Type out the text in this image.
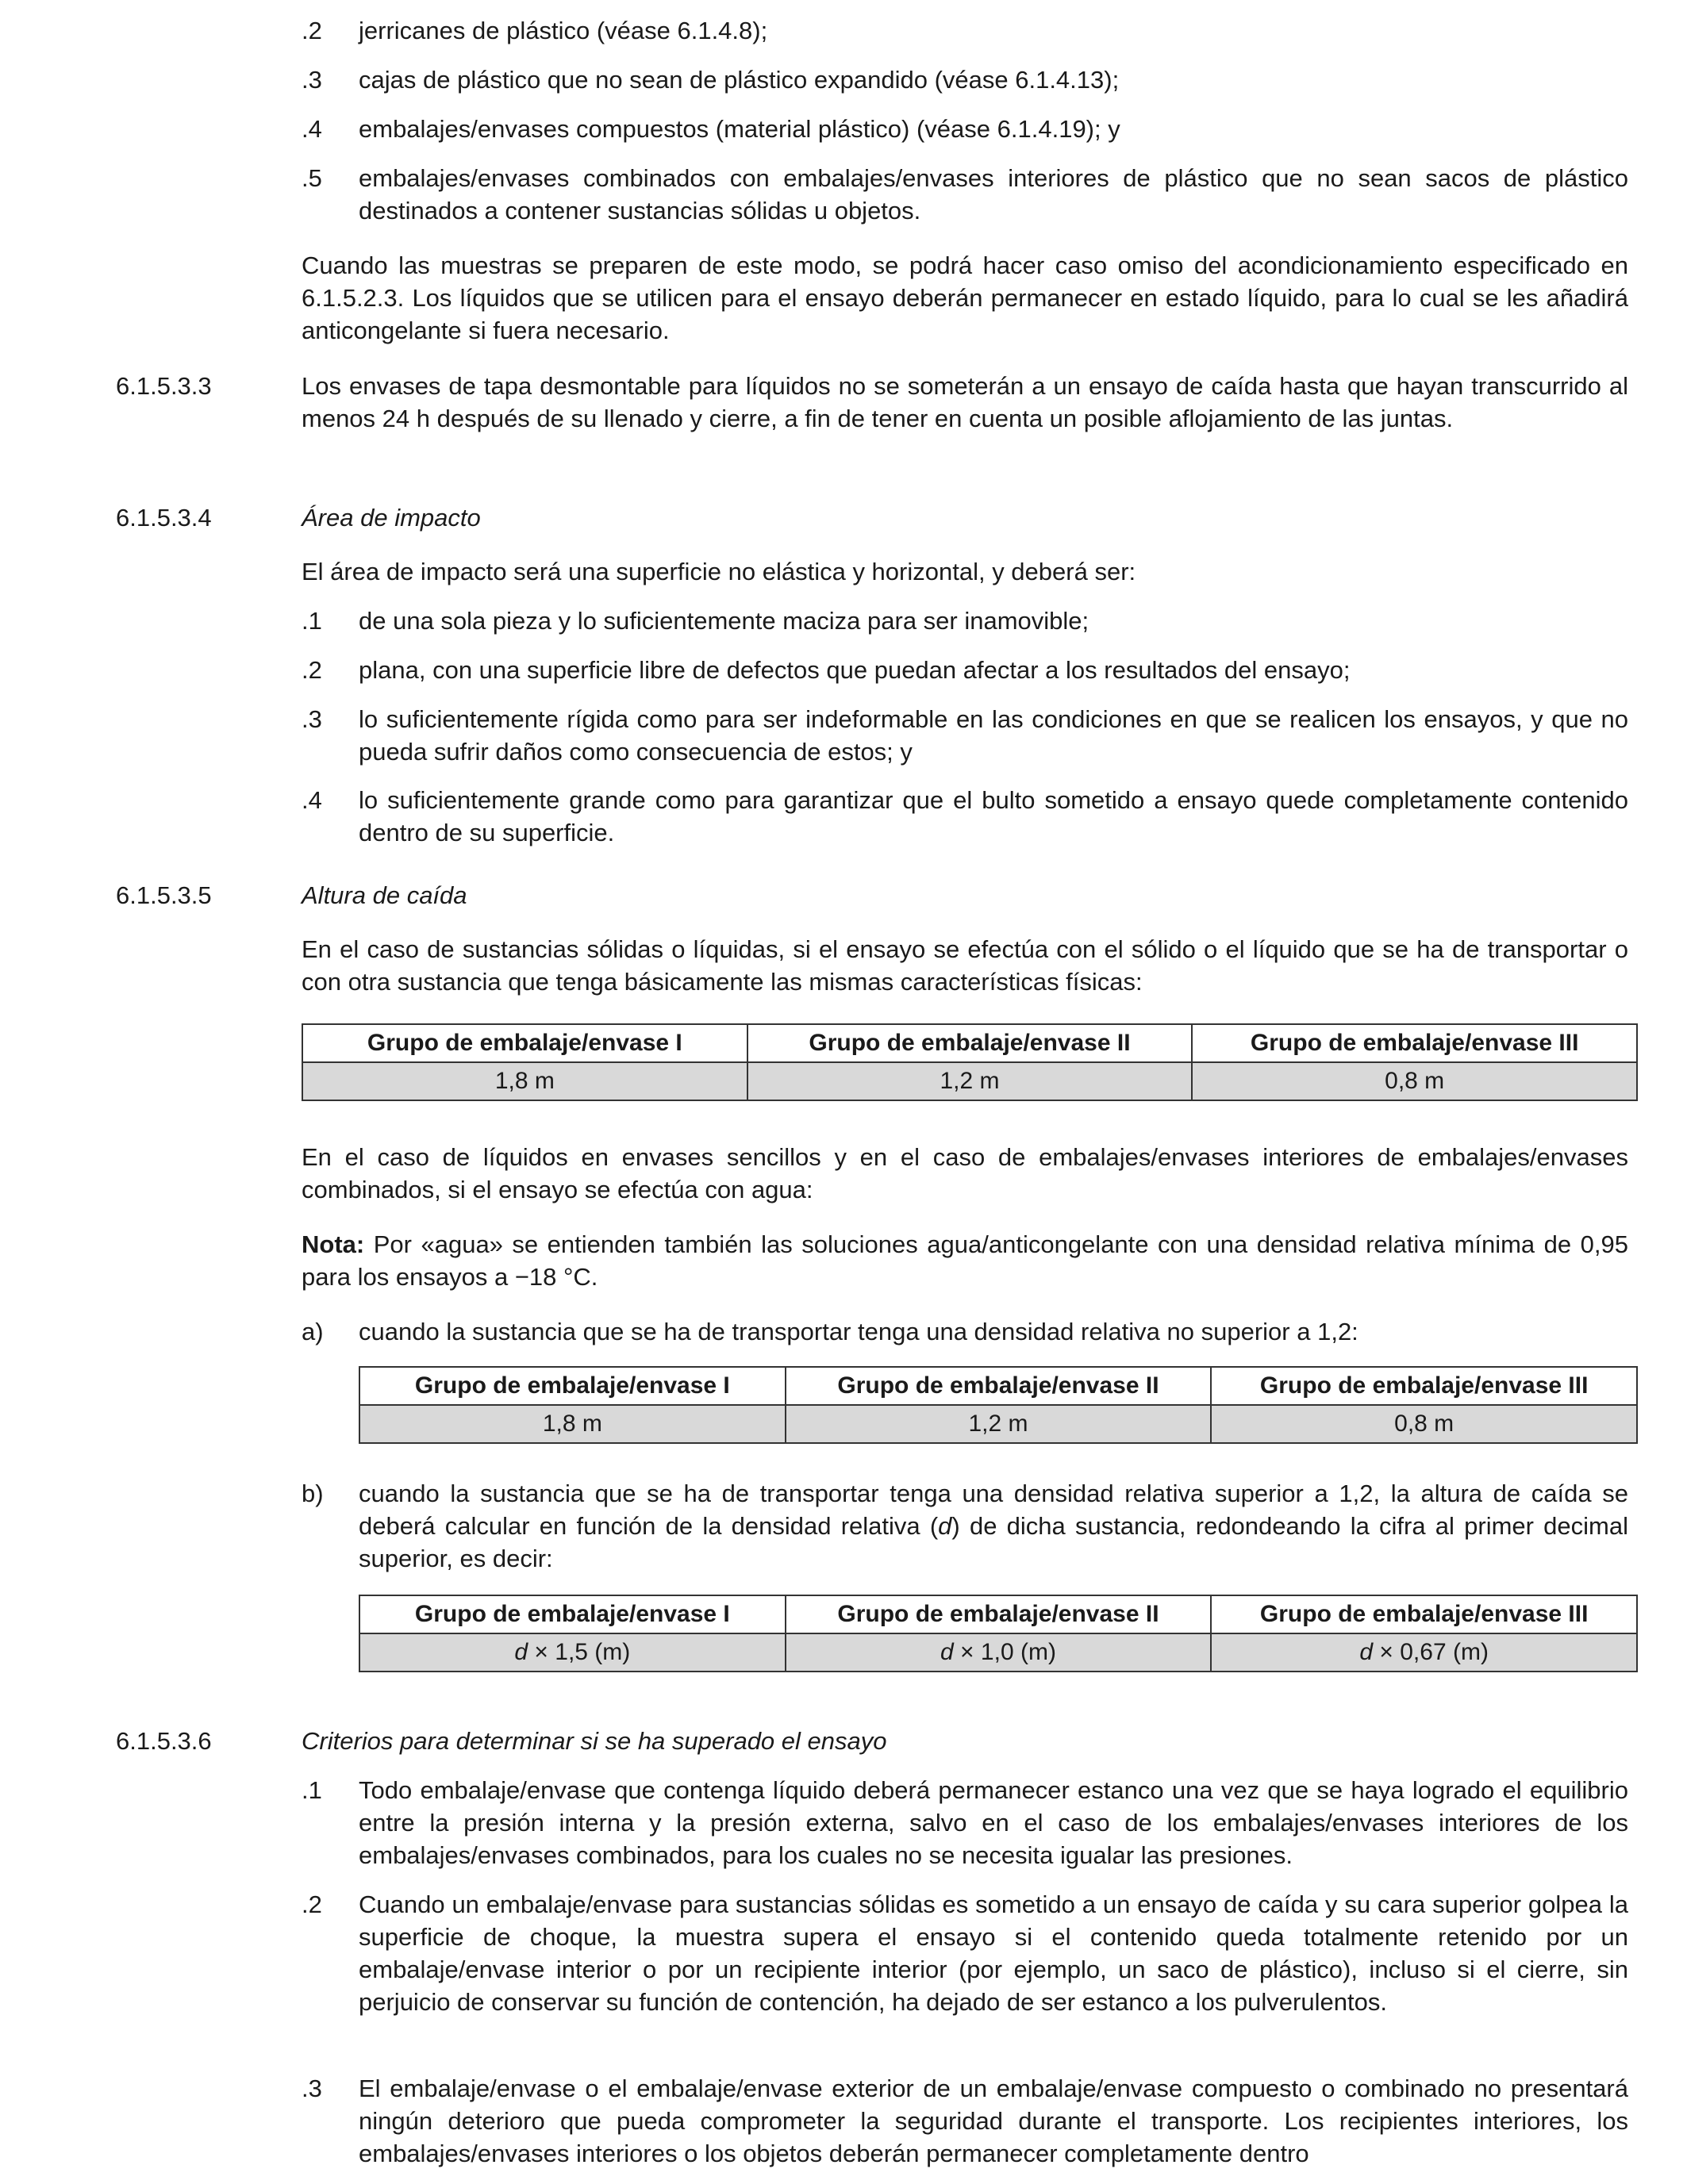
.2	jerricanes de plástico (véase 6.1.4.8);
.3	cajas de plástico que no sean de plástico expandido (véase 6.1.4.13);
.4	embalajes/envases compuestos (material plástico) (véase 6.1.4.19); y
.5	embalajes/envases combinados con embalajes/envases interiores de plástico que no sean sacos de plástico destinados a contener sustancias sólidas u objetos.
Cuando las muestras se preparen de este modo, se podrá hacer caso omiso del acondicionamiento especificado en 6.1.5.2.3. Los líquidos que se utilicen para el ensayo deberán permanecer en estado líquido, para lo cual se les añadirá anticongelante si fuera necesario.
6.1.5.3.3	Los envases de tapa desmontable para líquidos no se someterán a un ensayo de caída hasta que hayan transcurrido al menos 24 h después de su llenado y cierre, a fin de tener en cuenta un posible aflojamiento de las juntas.
6.1.5.3.4	Área de impacto
El área de impacto será una superficie no elástica y horizontal, y deberá ser:
.1	de una sola pieza y lo suficientemente maciza para ser inamovible;
.2	plana, con una superficie libre de defectos que puedan afectar a los resultados del ensayo;
.3	lo suficientemente rígida como para ser indeformable en las condiciones en que se realicen los ensayos, y que no pueda sufrir daños como consecuencia de estos; y
.4	lo suficientemente grande como para garantizar que el bulto sometido a ensayo quede completamente contenido dentro de su superficie.
6.1.5.3.5	Altura de caída
En el caso de sustancias sólidas o líquidas, si el ensayo se efectúa con el sólido o el líquido que se ha de transportar o con otra sustancia que tenga básicamente las mismas características físicas:
Grupo de embalaje/envase I	Grupo de embalaje/envase II	Grupo de embalaje/envase III
1,8 m	1,2 m	0,8 m
En el caso de líquidos en envases sencillos y en el caso de embalajes/envases interiores de embalajes/envases combinados, si el ensayo se efectúa con agua:
Nota: Por «agua» se entienden también las soluciones agua/anticongelante con una densidad relativa mínima de 0,95 para los ensayos a −18 °C.
a)	cuando la sustancia que se ha de transportar tenga una densidad relativa no superior a 1,2:
Grupo de embalaje/envase I	Grupo de embalaje/envase II	Grupo de embalaje/envase III
1,8 m	1,2 m	0,8 m
b)	cuando la sustancia que se ha de transportar tenga una densidad relativa superior a 1,2, la altura de caída se deberá calcular en función de la densidad relativa (d) de dicha sustancia, redondeando la cifra al primer decimal superior, es decir:
Grupo de embalaje/envase I	Grupo de embalaje/envase II	Grupo de embalaje/envase III
d × 1,5 (m)	d × 1,0 (m)	d × 0,67 (m)
6.1.5.3.6	Criterios para determinar si se ha superado el ensayo
.1	Todo embalaje/envase que contenga líquido deberá permanecer estanco una vez que se haya logrado el equilibrio entre la presión interna y la presión externa, salvo en el caso de los embalajes/envases interiores de los embalajes/envases combinados, para los cuales no se necesita igualar las presiones.
.2	Cuando un embalaje/envase para sustancias sólidas es sometido a un ensayo de caída y su cara superior golpea la superficie de choque, la muestra supera el ensayo si el contenido queda totalmente retenido por un embalaje/envase interior o por un recipiente interior (por ejemplo, un saco de plástico), incluso si el cierre, sin perjuicio de conservar su función de contención, ha dejado de ser estanco a los pulverulentos.
.3	El embalaje/envase o el embalaje/envase exterior de un embalaje/envase compuesto o combinado no presentará ningún deterioro que pueda comprometer la seguridad durante el transporte. Los recipientes interiores, los embalajes/envases interiores o los objetos deberán permanecer completamente dentro
